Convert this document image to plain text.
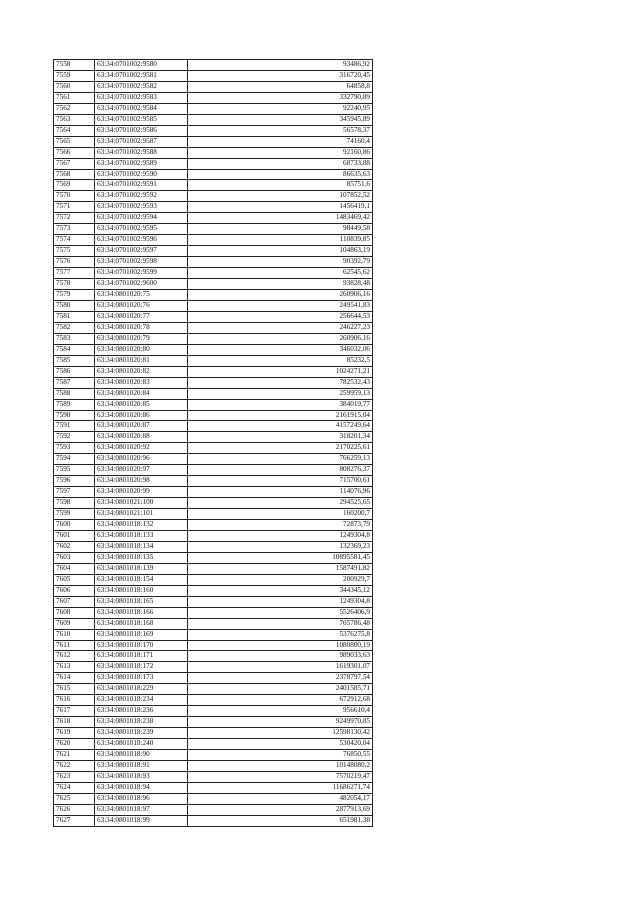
7558	63:34:0701002:9580	93486,92
7559	63:34:0701002:9581	316720,45
7560	63:34:0701002:9582	64858,8
7561	63:34:0701002:9583	332790,89
7562	63:34:0701002:9584	92240,95
7563	63:34:0701002:9585	345945,89
7564	63:34:0701002:9586	56578,37
7565	63:34:0701002:9587	74160,4
7566	63:34:0701002:9588	92160,86
7567	63:34:0701002:9589	68733,88
7568	63:34:0701002:9590	86635,63
7569	63:34:0701002:9591	85751,6
7570	63:34:0701002:9592	107852,52
7571	63:34:0701002:9593	1456419,1
7572	63:34:0701002:9594	1483469,42
7573	63:34:0701002:9595	98449,58
7574	63:34:0701002:9596	110839,85
7575	63:34:0701002:9597	104863,19
7576	63:34:0701002:9598	90392,79
7577	63:34:0701002:9599	62545,62
7578	63:34:0701002:9600	93828,48
7579	63:34:0801020:75	260906,16
7580	63:34:0801020:76	249541,83
7581	63:34:0801020:77	256644,53
7582	63:34:0801020:78	246227,23
7583	63:34:0801020:79	260906,16
7584	63:34:0801020:80	346032,06
7585	63:34:0801020:81	85232,5
7586	63:34:0801020:82	1024271,21
7587	63:34:0801020:83	782532,43
7588	63:34:0801020:84	259959,13
7589	63:34:0801020:85	384019,77
7590	63:34:0801020:86	2161915,04
7591	63:34:0801020:87	4157249,64
7592	63:34:0801020:88	318201,34
7593	63:34:0801020:92	2170225,61
7594	63:34:0801020:96	766259,13
7595	63:34:0801020:97	808276,37
7596	63:34:0801020:98	715700,61
7597	63:34:0801020:99	114076,96
7598	63:34:0801021:100	294525,65
7599	63:34:0801021:101	160200,7
7600	63:34:0801018:132	72873,79
7601	63:34:0801018:133	1249304,8
7602	63:34:0801018:134	132369,23
7603	63:34:0801018:135	10895581,45
7604	63:34:0801018:139	1587491,82
7605	63:34:0801018:154	200929,7
7606	63:34:0801018:160	344345,12
7607	63:34:0801018:165	1249304,8
7608	63:34:0801018:166	5526406,9
7609	63:34:0801018:168	765786,48
7610	63:34:0801018:169	5376275,8
7611	63:34:0801018:170	1080800,19
7612	63:34:0801018:171	989033,63
7613	63:34:0801018:172	1619301,07
7614	63:34:0801018:173	2378797,54
7615	63:34:0801018:229	2401585,71
7616	63:34:0801018:234	672912,68
7617	63:34:0801018:236	956610,4
7618	63:34:0801018:238	9249970,85
7619	63:34:0801018:239	12598130,42
7620	63:34:0801018:240	530420,04
7621	63:34:0801018:90	76850,55
7622	63:34:0801018:91	10148080,2
7623	63:34:0801018:93	7570219,47
7624	63:34:0801018:94	11686271,74
7625	63:34:0801018:96	482054,17
7626	63:34:0801018:97	2877913,69
7627	63:34:0801018:99	651981,38
